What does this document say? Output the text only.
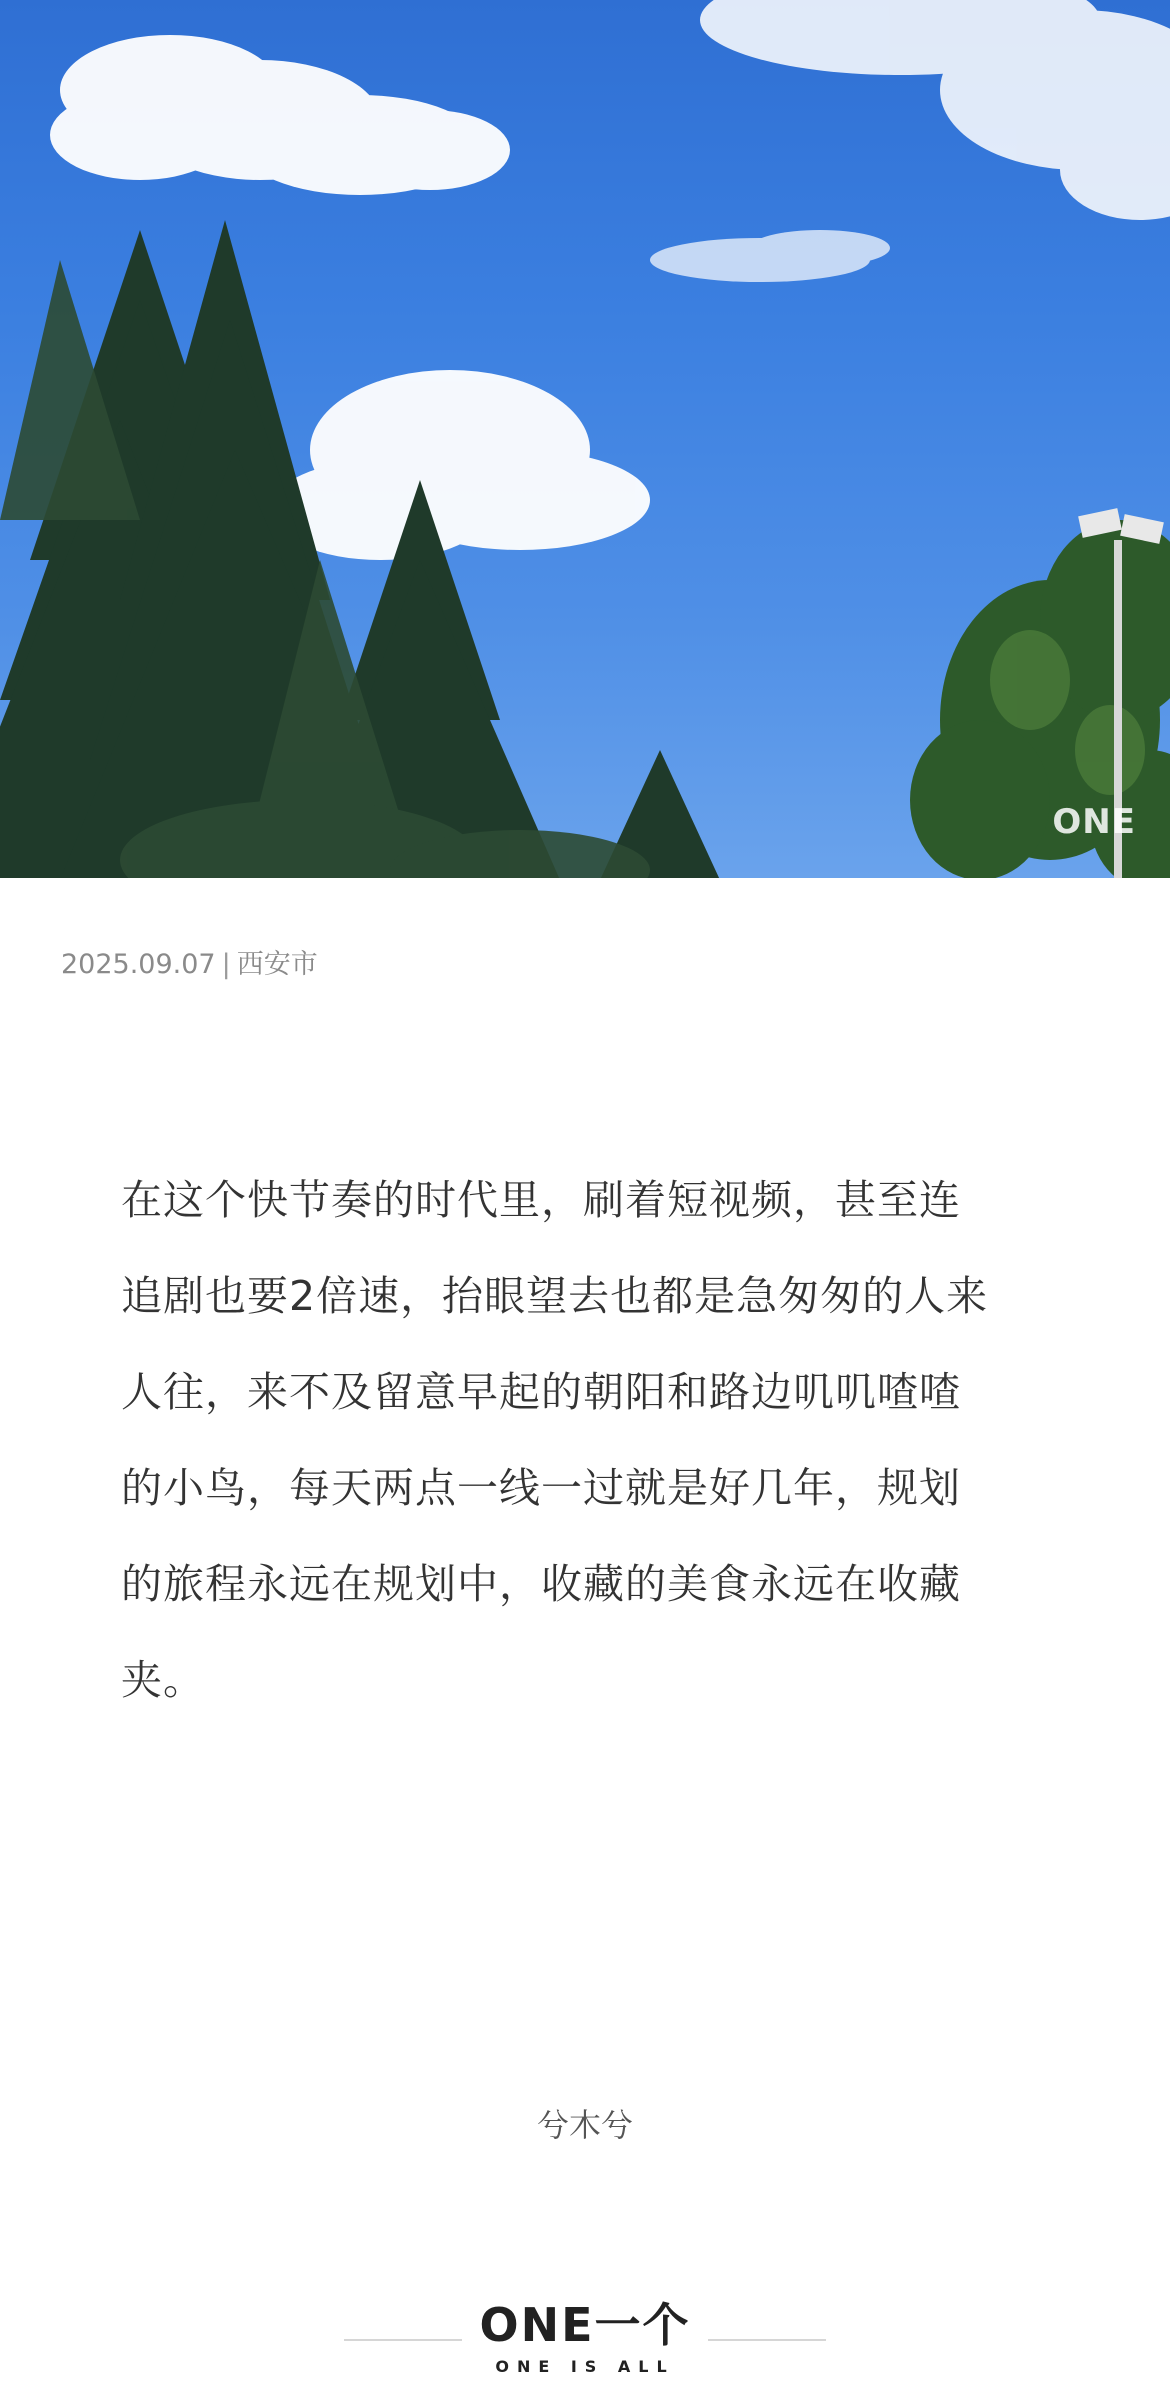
ONE
2025.09.07 | 西安市
在这个快节奏的时代里，刷着短视频，甚至连
追剧也要2倍速，抬眼望去也都是急匆匆的人来
人往，来不及留意早起的朝阳和路边叽叽喳喳
的小鸟，每天两点一线一过就是好几年，规划
的旅程永远在规划中，收藏的美食永远在收藏
夹。
兮木兮
ONE一个
ONE IS ALL
